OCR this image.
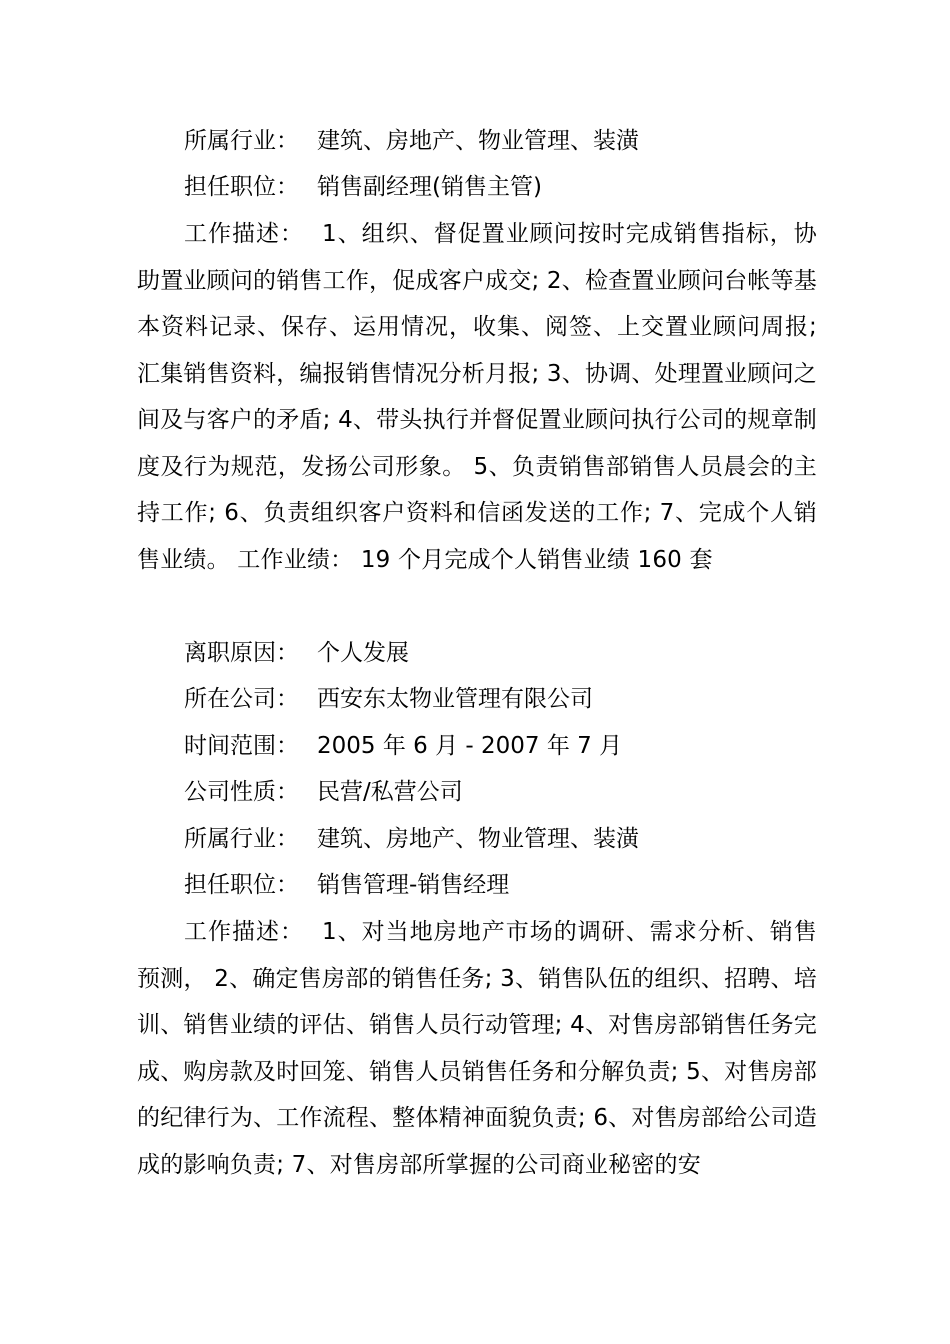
所属行业： 建筑、房地产、物业管理、装潢
担任职位： 销售副经理(销售主管)
工作描述： 1、组织、督促置业顾问按时完成销售指标，协助置业顾问的销售工作，促成客户成交; 2、检查置业顾问台帐等基本资料记录、保存、运用情况，收集、阅签、上交置业顾问周报;汇集销售资料，编报销售情况分析月报; 3、协调、处理置业顾问之间及与客户的矛盾; 4、带头执行并督促置业顾问执行公司的规章制度及行为规范，发扬公司形象。 5、负责销售部销售人员晨会的主持工作; 6、负责组织客户资料和信函发送的工作; 7、完成个人销售业绩。 工作业绩： 19 个月完成个人销售业绩 160 套
离职原因： 个人发展
所在公司： 西安东太物业管理有限公司
时间范围： 2005 年 6 月 - 2007 年 7 月
公司性质： 民营/私营公司
所属行业： 建筑、房地产、物业管理、装潢
担任职位： 销售管理-销售经理
工作描述： 1、对当地房地产市场的调研、需求分析、销售预测， 2、确定售房部的销售任务; 3、销售队伍的组织、招聘、培训、销售业绩的评估、销售人员行动管理; 4、对售房部销售任务完成、购房款及时回笼、销售人员销售任务和分解负责; 5、对售房部的纪律行为、工作流程、整体精神面貌负责; 6、对售房部给公司造成的影响负责; 7、对售房部所掌握的公司商业秘密的安
